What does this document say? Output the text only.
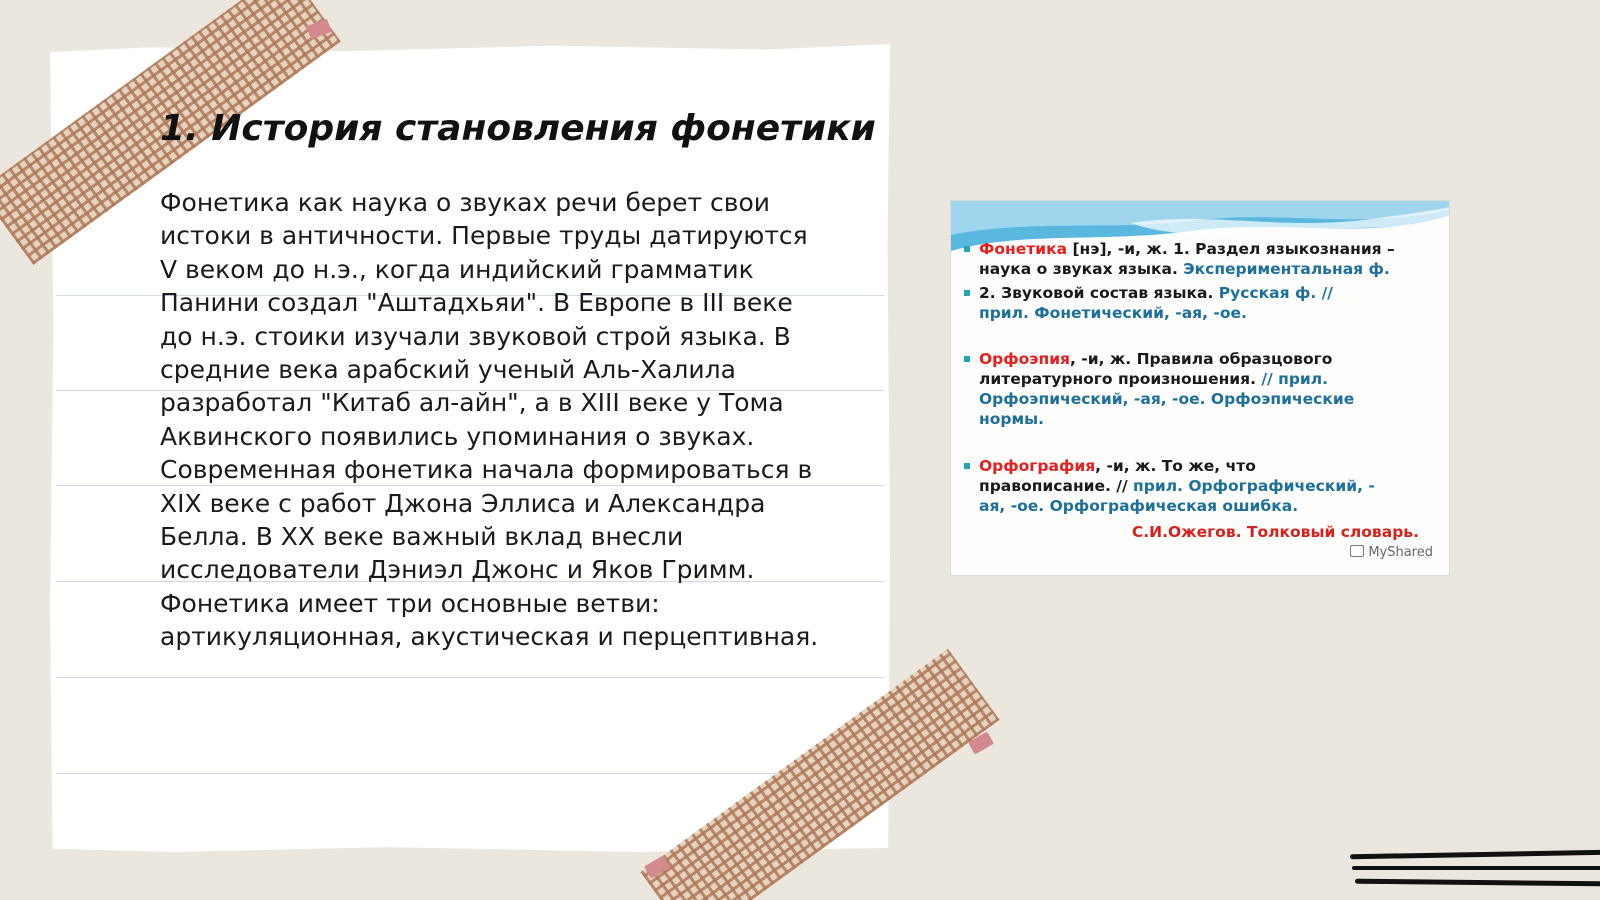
1. История становления фонетики

Фонетика как наука о звуках речи берет свои
истоки в античности. Первые труды датируются
V веком до н.э., когда индийский грамматик
Панини создал "Аштадхьяи". В Европе в III веке
до н.э. стоики изучали звуковой строй языка. В
средние века арабский ученый Аль-Халила
разработал "Китаб ал-айн", а в XIII веке у Тома
Аквинского появились упоминания о звуках.
Современная фонетика начала формироваться в
XIX веке с работ Джона Эллиса и Александра
Белла. В XX веке важный вклад внесли
исследователи Дэниэл Джонс и Яков Гримм.
Фонетика имеет три основные ветви:
артикуляционная, акустическая и перцептивная.

Фонетика [нэ], -и, ж. 1. Раздел языкознания –
наука о звуках языка. Экспериментальная ф.
2. Звуковой состав языка. Русская ф. //
прил. Фонетический, -ая, -ое.
Орфоэпия, -и, ж. Правила образцового
литературного произношения. // прил.
Орфоэпический, -ая, -ое. Орфоэпические
нормы.
Орфография, -и, ж. То же, что
правописание. // прил. Орфографический, -
ая, -ое. Орфографическая ошибка.
С.И.Ожегов. Толковый словарь.
MyShared
